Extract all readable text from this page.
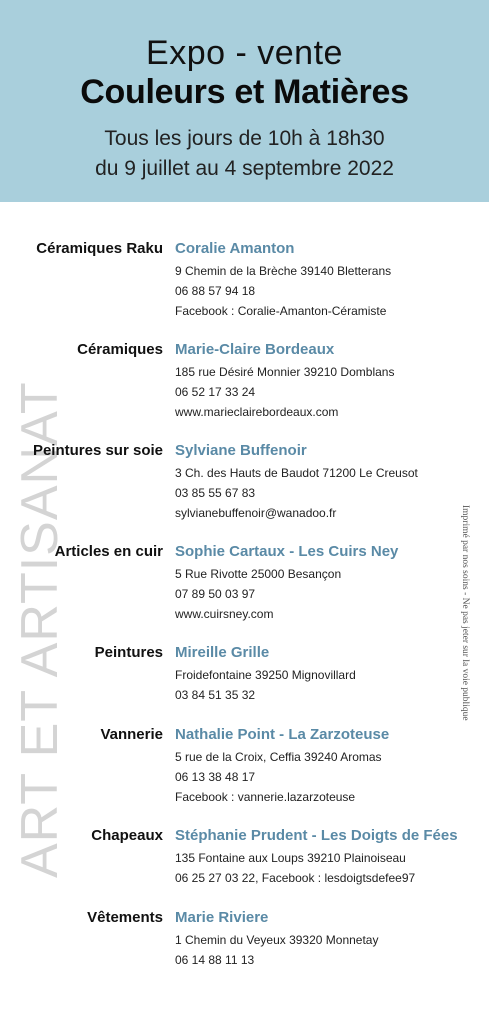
Expo - vente
Couleurs et Matières
Tous les jours de 10h à 18h30
du 9 juillet au 4 septembre 2022
ART ET ARTISANAT	Imprimé par nos soins - Ne pas jeter sur la voie publique
Céramiques Raku Coralie Amanton
9 Chemin de la Brèche 39140 Bletterans
06 88 57 94 18
Facebook : Coralie-Amanton-Céramiste
Céramiques Marie-Claire Bordeaux
185 rue Désiré Monnier 39210 Domblans
06 52 17 33 24
www.marieclairebordeaux.com
Peintures sur soie Sylviane Buffenoir
3 Ch. des Hauts de Baudot 71200 Le Creusot
03 85 55 67 83
sylvianebuffenoir@wanadoo.fr
Articles en cuir Sophie Cartaux - Les Cuirs Ney
5 Rue Rivotte 25000 Besançon
07 89 50 03 97
www.cuirsney.com
Peintures Mireille Grille
Froidefontaine 39250 Mignovillard
03 84 51 35 32
Vannerie Nathalie Point - La Zarzoteuse
5 rue de la Croix, Ceffia 39240 Aromas
06 13 38 48 17
Facebook : vannerie.lazarzoteuse
Chapeaux Stéphanie Prudent - Les Doigts de Fées
135 Fontaine aux Loups 39210 Plainoiseau
06 25 27 03 22, Facebook : lesdoigtsdefee97
Vêtements Marie Riviere
1 Chemin du Veyeux 39320 Monnetay
06 14 88 11 13
